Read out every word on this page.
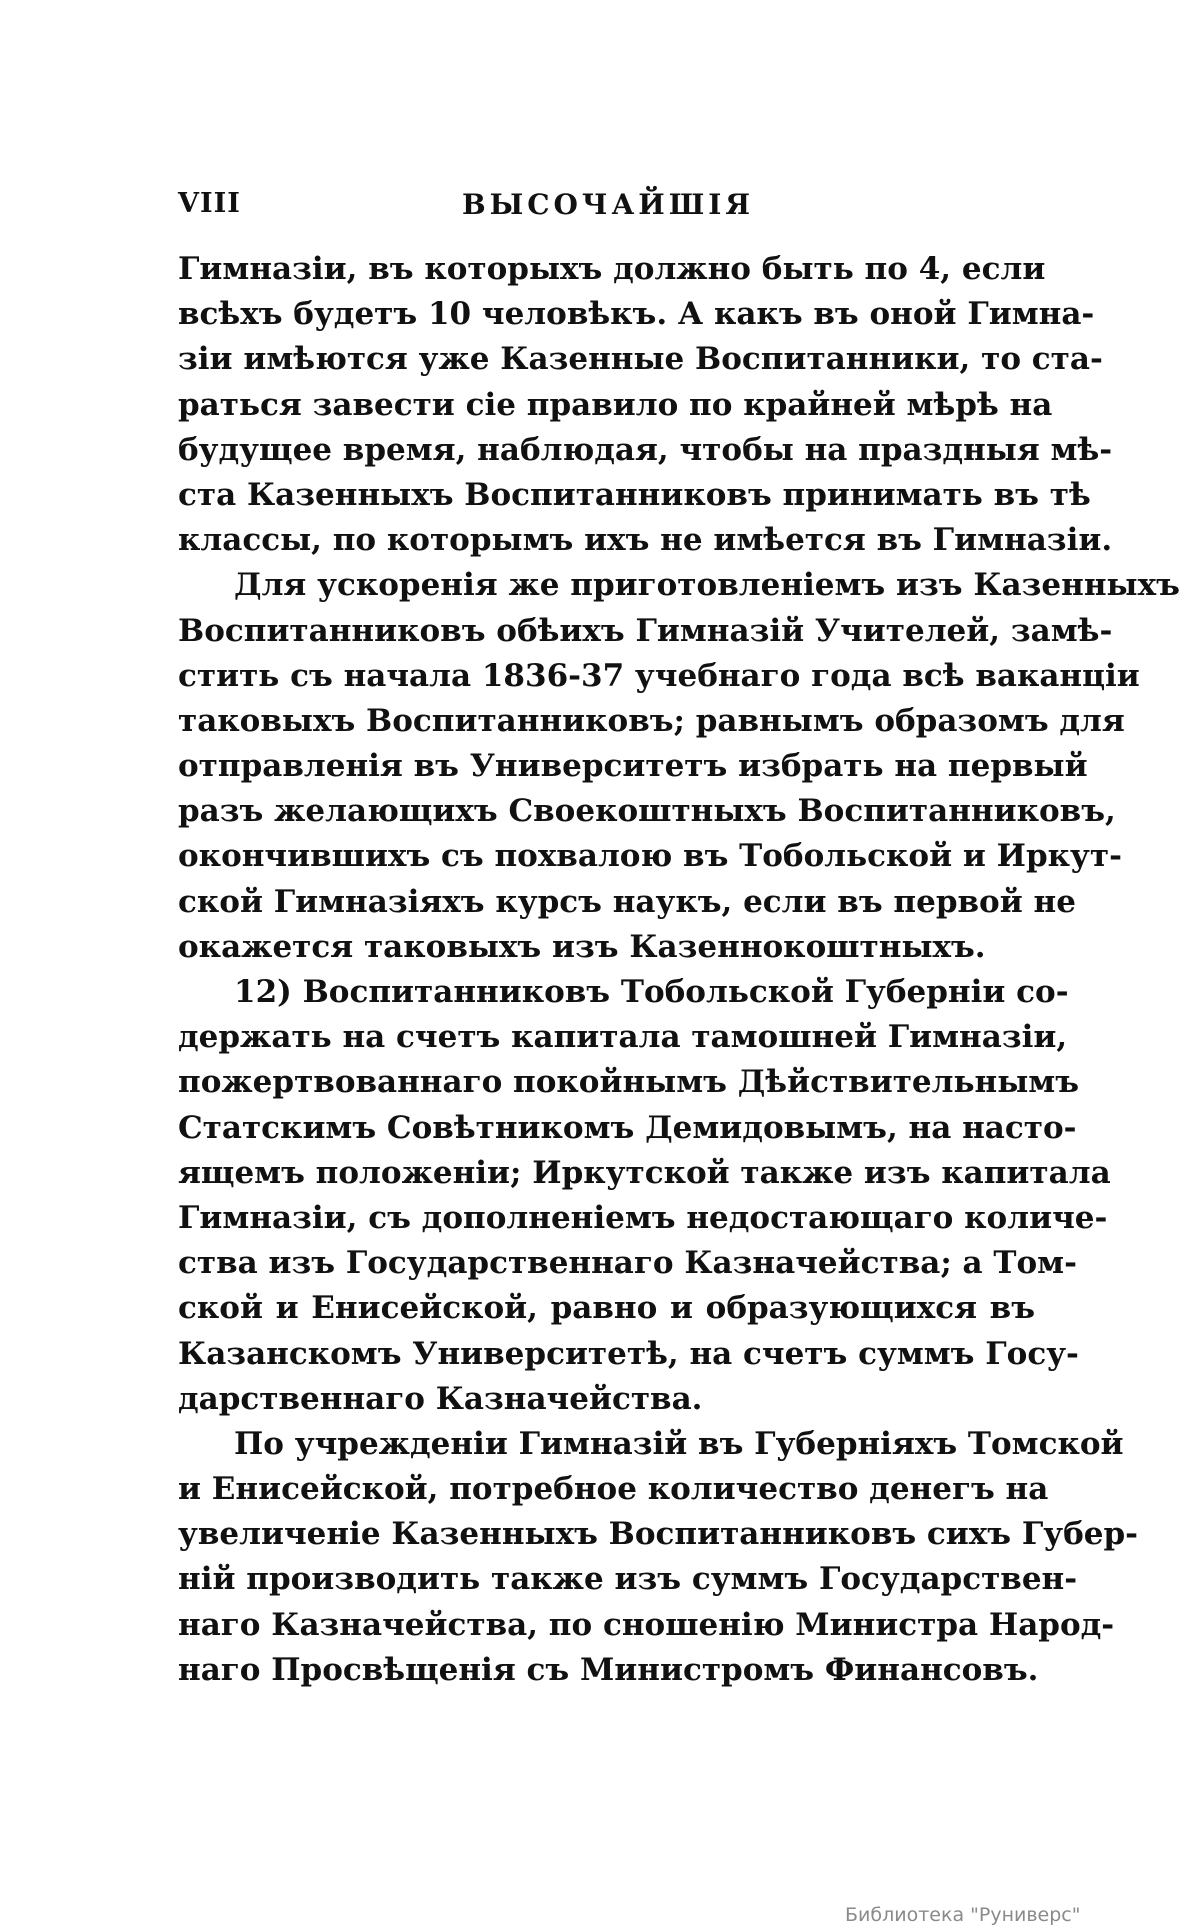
VIII	ВЫСОЧАЙШІЯ
Гимназіи, въ которыхъ должно быть по 4, если
всѣхъ будетъ 10 человѣкъ. А какъ въ оной Гимна-
зіи имѣются уже Казенные Воспитанники, то ста-
раться завести сіе правило по крайней мѣрѣ на
будущее время, наблюдая, чтобы на праздныя мѣ-
ста Казенныхъ Воспитанниковъ принимать въ тѣ
классы, по которымъ ихъ не имѣется въ Гимназіи.
Для ускоренія же приготовленіемъ изъ Казенныхъ
Воспитанниковъ обѣихъ Гимназій Учителей, замѣ-
стить съ начала 1836-37 учебнаго года всѣ ваканціи
таковыхъ Воспитанниковъ; равнымъ образомъ для
отправленія въ Университетъ избрать на первый
разъ желающихъ Своекоштныхъ Воспитанниковъ,
окончившихъ съ похвалою въ Тобольской и Иркут-
ской Гимназіяхъ курсъ наукъ, если въ первой не
окажется таковыхъ изъ Казеннокоштныхъ.
12) Воспитанниковъ Тобольской Губерніи со-
держать на счетъ капитала тамошней Гимназіи,
пожертвованнаго покойнымъ Дѣйствительнымъ
Статскимъ Совѣтникомъ Демидовымъ, на насто-
ящемъ положеніи; Иркутской также изъ капитала
Гимназіи, съ дополненіемъ недостающаго количе-
ства изъ Государственнаго Казначейства; а Том-
ской и Енисейской, равно и образующихся въ
Казанскомъ Университетѣ, на счетъ суммъ Госу-
дарственнаго Казначейства.
По учрежденіи Гимназій въ Губерніяхъ Томской
и Енисейской, потребное количество денегъ на
увеличеніе Казенныхъ Воспитанниковъ сихъ Губер-
ній производить также изъ суммъ Государствен-
наго Казначейства, по сношенію Министра Народ-
наго Просвѣщенія съ Министромъ Финансовъ.
Библиотека "Руниверс"
